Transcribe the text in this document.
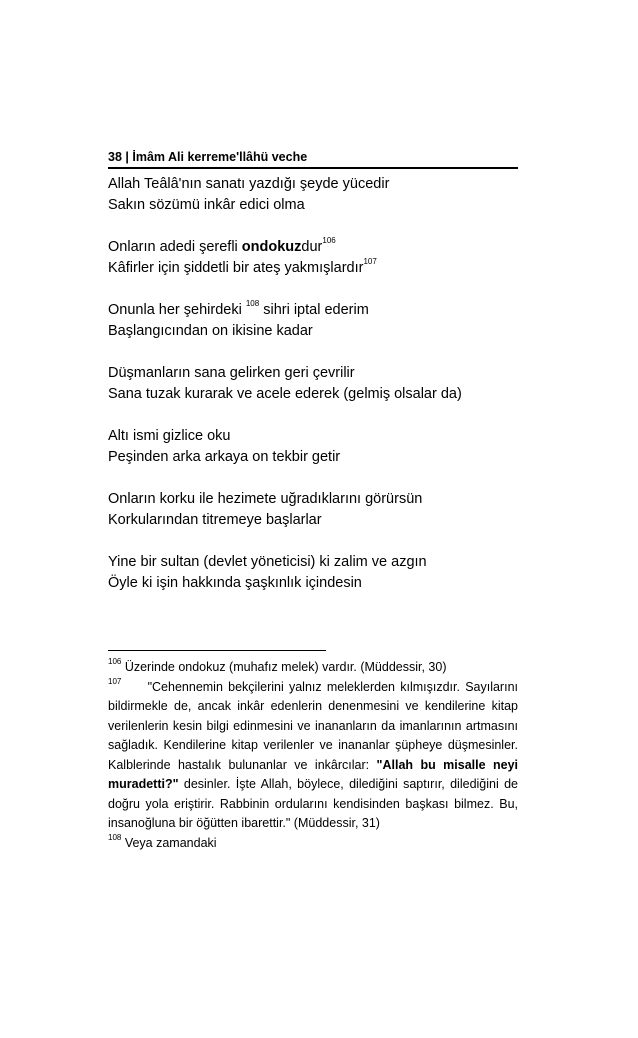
38 | İmâm Ali kerreme'llâhü veche
Allah Teâlâ'nın sanatı yazdığı şeyde yücedir
Sakın sözümü inkâr edici olma
Onların adedi şerefli ondokuzdur$^{106}$
Kâfirler için şiddetli bir ateş yakmışlardır$^{107}$
Onunla her şehirdeki $^{108}$ sihri iptal ederim
Başlangıcından on ikisine kadar
Düşmanların sana gelirken geri çevrilir
Sana tuzak kurarak ve acele ederek (gelmiş olsalar da)
Altı ismi gizlice oku
Peşinden arka arkaya on tekbir getir
Onların korku ile hezimete uğradıklarını görürsün
Korkularından titremeye başlarlar
Yine bir sultan (devlet yöneticisi) ki zalim ve azgın
Öyle ki işin hakkında şaşkınlık içindesin

$^{106}$ Üzerinde ondokuz (muhafız melek) vardır. (Müddessir, 30)

$^{107}$     "Cehennemin bekçilerini yalnız meleklerden kılmışızdır. Sayılarını bildirmekle de, ancak inkâr edenlerin denenmesini ve kendilerine kitap verilenlerin kesin bilgi edinmesini ve inananların da imanlarının artmasını sağladık. Kendilerine kitap verilenler ve inananlar şüpheye düşmesinler. Kalblerinde hastalık bulunanlar ve inkârcılar: "Allah bu misalle neyi muradetti?" desinler. İşte Allah, böylece, dilediğini saptırır, dilediğini de doğru yola eriştirir. Rabbinin ordularını kendisinden başkası bilmez. Bu, insanoğluna bir öğütten ibarettir." (Müddessir, 31)

$^{108}$ Veya zamandaki
